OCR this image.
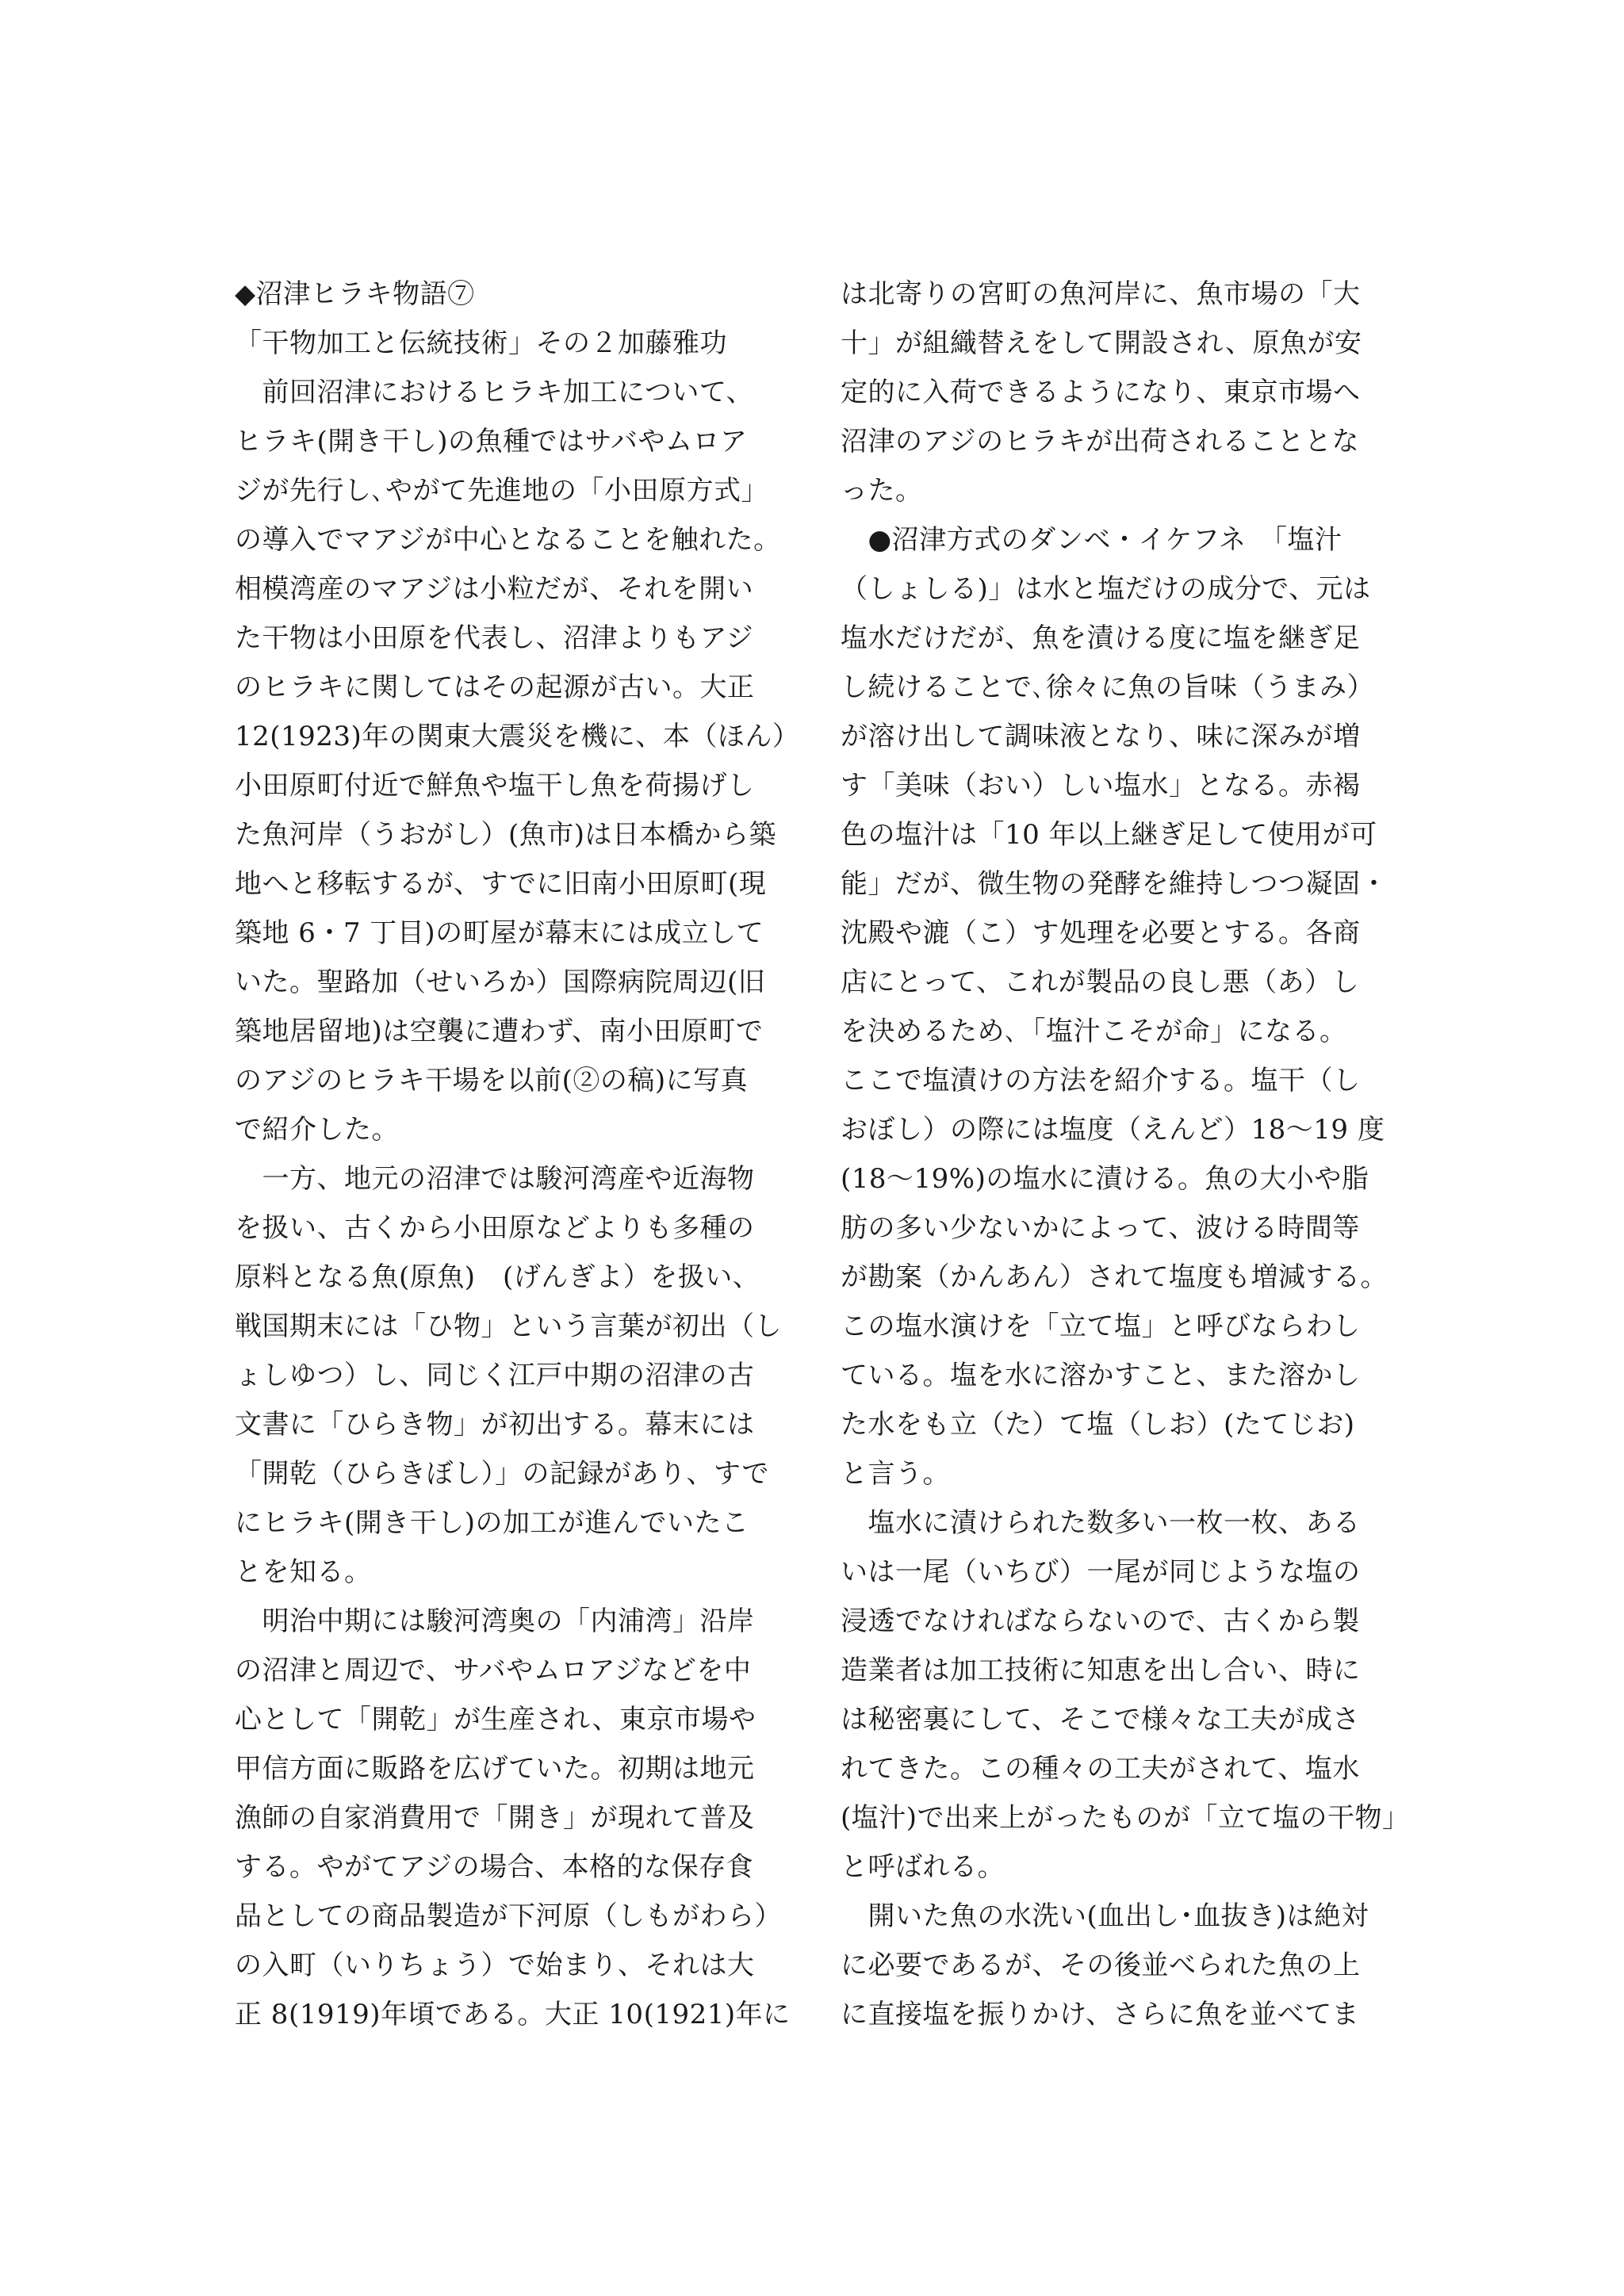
◆沼津ヒラキ物語⑦
「干物加工と伝統技術」その２加藤雅功
　前回沼津におけるヒラキ加工について、
ヒラキ(開き干し)の魚種ではサバやムロア
ジが先行し､やがて先進地の「小田原方式」
の導入でマアジが中心となることを触れた。
相模湾産のマアジは小粒だが、それを開い
た干物は小田原を代表し、沼津よりもアジ
のヒラキに関してはその起源が古い。大正
12(1923)年の関東大震災を機に、本（ほん）
小田原町付近で鮮魚や塩干し魚を荷揚げし
た魚河岸（うおがし）(魚市)は日本橋から築
地へと移転するが、すでに旧南小田原町(現
築地 6・7 丁目)の町屋が幕末には成立して
いた。聖路加（せいろか）国際病院周辺(旧
築地居留地)は空襲に遭わず、南小田原町で
のアジのヒラキ干場を以前(②の稿)に写真
で紹介した。
　一方、地元の沼津では駿河湾産や近海物
を扱い、古くから小田原などよりも多種の
原料となる魚(原魚)　(げんぎよ）を扱い、
戦国期末には「ひ物」という言葉が初出（し
ょしゆつ）し、同じく江戸中期の沼津の古
文書に「ひらき物」が初出する。幕末には
「開乾（ひらきぼし）」の記録があり、すで
にヒラキ(開き干し)の加工が進んでいたこ
とを知る。
　明治中期には駿河湾奥の「内浦湾」沿岸
の沼津と周辺で、サバやムロアジなどを中
心として「開乾」が生産され、東京市場や
甲信方面に販路を広げていた。初期は地元
漁師の自家消費用で「開き」が現れて普及
する。やがてアジの場合、本格的な保存食
品としての商品製造が下河原（しもがわら）
の入町（いりちょう）で始まり、それは大
正 8(1919)年頃である。大正 10(1921)年に
は北寄りの宮町の魚河岸に、魚市場の「大
十」が組織替えをして開設され、原魚が安
定的に入荷できるようになり、東京市場へ
沼津のアジのヒラキが出荷されることとな
った。
　●沼津方式のダンベ・イケフネ　「塩汁
（しょしる)」は水と塩だけの成分で、元は
塩水だけだが、魚を漬ける度に塩を継ぎ足
し続けることで､徐々に魚の旨味（うまみ）
が溶け出して調味液となり、味に深みが増
す「美味（おい）しい塩水」となる。赤褐
色の塩汁は「10 年以上継ぎ足して使用が可
能」だが、微生物の発酵を維持しつつ凝固・
沈殿や漉（こ）す処理を必要とする。各商
店にとって、これが製品の良し悪（あ）し
を決めるため､「塩汁こそが命」になる。
ここで塩漬けの方法を紹介する。塩干（し
おぼし）の際には塩度（えんど）18〜19 度
(18〜19%)の塩水に漬ける。魚の大小や脂
肪の多い少ないかによって、波ける時間等
が勘案（かんあん）されて塩度も増減する。
この塩水演けを「立て塩」と呼びならわし
ている。塩を水に溶かすこと、また溶かし
た水をも立（た）て塩（しお）(たてじお)
と言う。
　塩水に漬けられた数多い一枚一枚、ある
いは一尾（いちび）一尾が同じような塩の
浸透でなければならないので、古くから製
造業者は加工技術に知恵を出し合い、時に
は秘密裏にして、そこで様々な工夫が成さ
れてきた。この種々の工夫がされて、塩水
(塩汁)で出来上がったものが「立て塩の干物」
と呼ばれる。
　開いた魚の水洗い(血出し･血抜き)は絶対
に必要であるが、その後並べられた魚の上
に直接塩を振りかけ、さらに魚を並べてま
